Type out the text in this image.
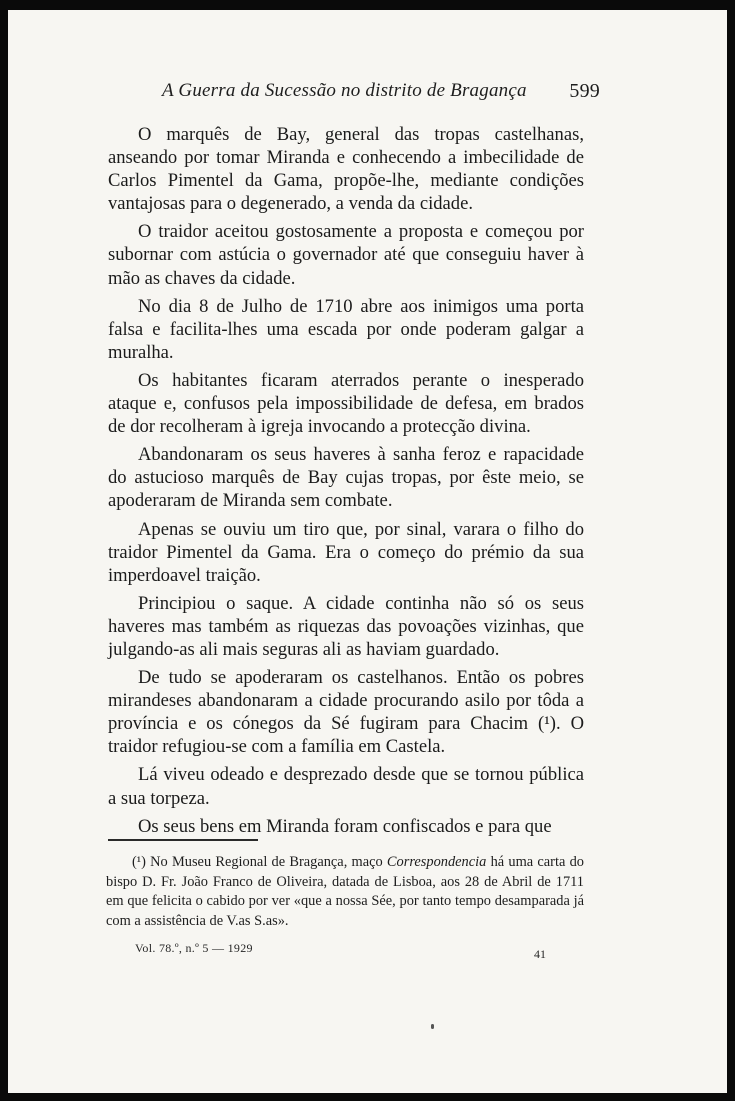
A Guerra da Sucessão no distrito de Bragança 599

O marquês de Bay, general das tropas castelhanas, anseando por tomar Miranda e conhecendo a imbecilidade de Carlos Pimentel da Gama, propõe-lhe, mediante condições vantajosas para o degenerado, a venda da cidade.

O traidor aceitou gostosamente a proposta e começou por subornar com astúcia o governador até que conseguiu haver à mão as chaves da cidade.

No dia 8 de Julho de 1710 abre aos inimigos uma porta falsa e facilita-lhes uma escada por onde poderam galgar a muralha.

Os habitantes ficaram aterrados perante o inesperado ataque e, confusos pela impossibilidade de defesa, em brados de dor recolheram à igreja invocando a protecção divina.

Abandonaram os seus haveres à sanha feroz e rapacidade do astucioso marquês de Bay cujas tropas, por êste meio, se apoderaram de Miranda sem combate.

Apenas se ouviu um tiro que, por sinal, varara o filho do traidor Pimentel da Gama. Era o começo do prémio da sua imperdoavel traição.

Principiou o saque. A cidade continha não só os seus haveres mas também as riquezas das povoações vizinhas, que julgando-as ali mais seguras ali as haviam guardado.

De tudo se apoderaram os castelhanos. Então os pobres mirandeses abandonaram a cidade procurando asilo por tôda a província e os cónegos da Sé fugiram para Chacim (¹). O traidor refugiou-se com a família em Castela.

Lá viveu odeado e desprezado desde que se tornou pública a sua torpeza.

Os seus bens em Miranda foram confiscados e para que

(¹) No Museu Regional de Bragança, maço Correspondencia há uma carta do bispo D. Fr. João Franco de Oliveira, datada de Lisboa, aos 28 de Abril de 1711 em que felicita o cabido por ver «que a nossa Sée, por tanto tempo desamparada já com a assistência de V.as S.as».
Vol. 78.º, n.º 5 — 1929	41
